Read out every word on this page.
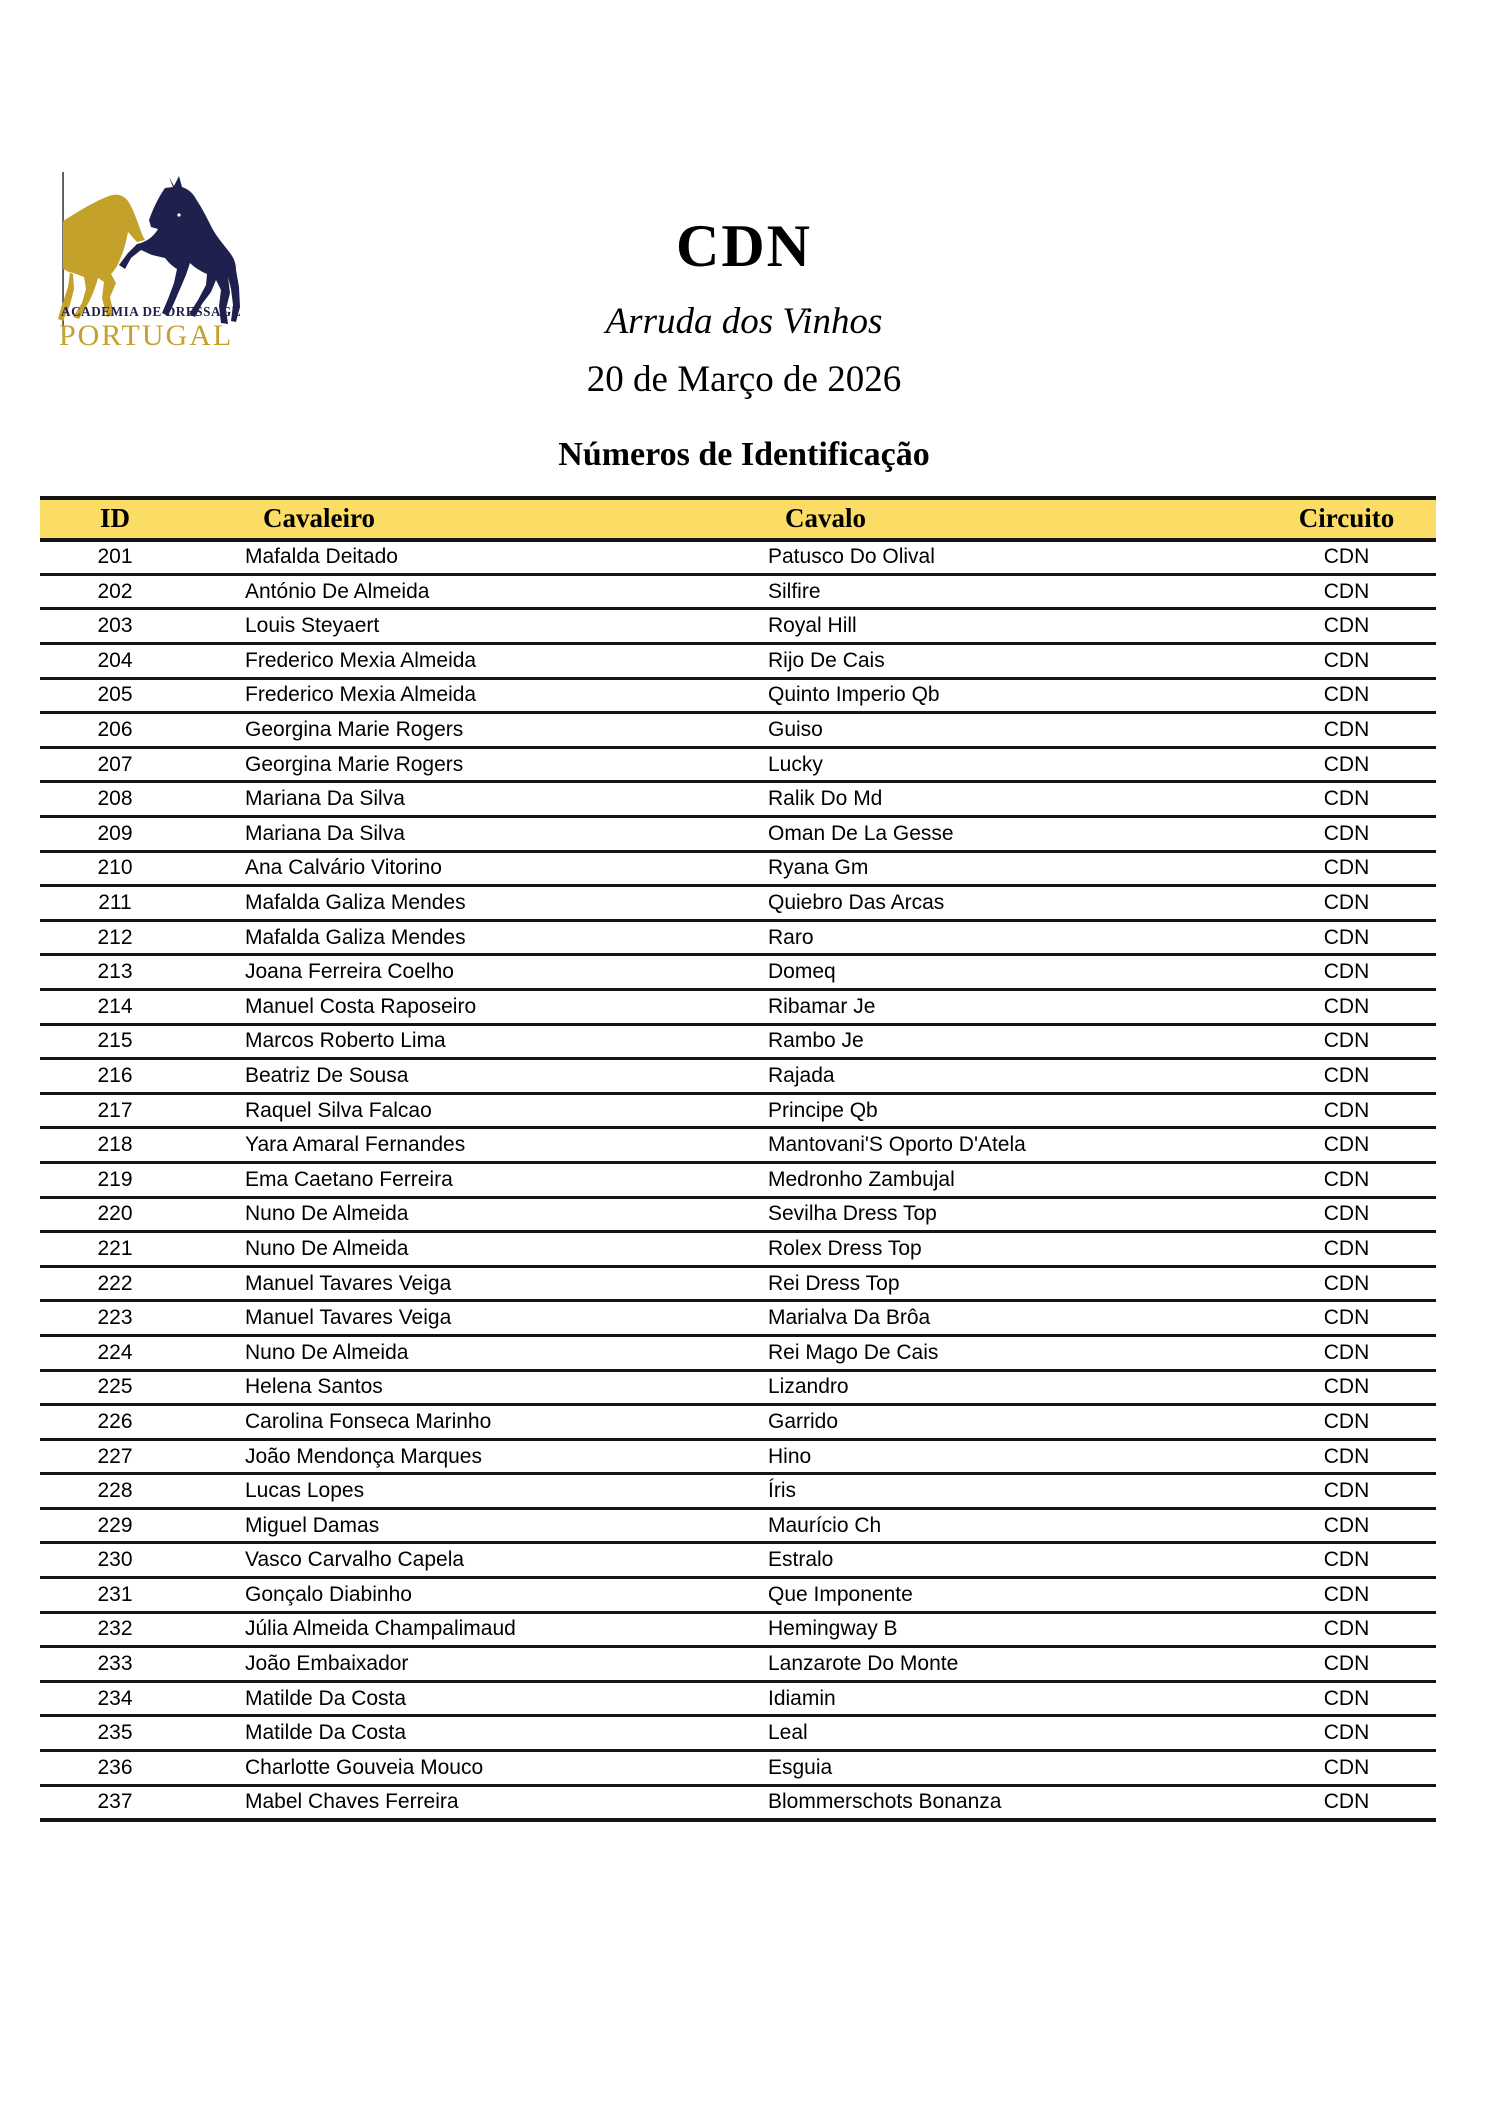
ACADEMIA DE DRESSAGE
PORTUGAL
CDN
Arruda dos Vinhos
20 de Março de 2026
Números de Identificação
ID	Cavaleiro	Cavalo	Circuito
201	Mafalda Deitado	Patusco Do Olival	CDN
202	António De Almeida	Silfire	CDN
203	Louis Steyaert	Royal Hill	CDN
204	Frederico Mexia Almeida	Rijo De Cais	CDN
205	Frederico Mexia Almeida	Quinto Imperio Qb	CDN
206	Georgina Marie Rogers	Guiso	CDN
207	Georgina Marie Rogers	Lucky	CDN
208	Mariana Da Silva	Ralik Do Md	CDN
209	Mariana Da Silva	Oman De La Gesse	CDN
210	Ana Calvário Vitorino	Ryana Gm	CDN
211	Mafalda Galiza Mendes	Quiebro Das Arcas	CDN
212	Mafalda Galiza Mendes	Raro	CDN
213	Joana Ferreira Coelho	Domeq	CDN
214	Manuel Costa Raposeiro	Ribamar Je	CDN
215	Marcos Roberto Lima	Rambo Je	CDN
216	Beatriz De Sousa	Rajada	CDN
217	Raquel Silva Falcao	Principe Qb	CDN
218	Yara Amaral Fernandes	Mantovani'S Oporto D'Atela	CDN
219	Ema Caetano Ferreira	Medronho Zambujal	CDN
220	Nuno De Almeida	Sevilha Dress Top	CDN
221	Nuno De Almeida	Rolex Dress Top	CDN
222	Manuel Tavares Veiga	Rei Dress Top	CDN
223	Manuel Tavares Veiga	Marialva Da Brôa	CDN
224	Nuno De Almeida	Rei Mago De Cais	CDN
225	Helena Santos	Lizandro	CDN
226	Carolina Fonseca Marinho	Garrido	CDN
227	João Mendonça Marques	Hino	CDN
228	Lucas Lopes	Íris	CDN
229	Miguel Damas	Maurício Ch	CDN
230	Vasco Carvalho Capela	Estralo	CDN
231	Gonçalo Diabinho	Que Imponente	CDN
232	Júlia Almeida Champalimaud	Hemingway B	CDN
233	João Embaixador	Lanzarote Do Monte	CDN
234	Matilde Da Costa	Idiamin	CDN
235	Matilde Da Costa	Leal	CDN
236	Charlotte Gouveia Mouco	Esguia	CDN
237	Mabel Chaves Ferreira	Blommerschots Bonanza	CDN
